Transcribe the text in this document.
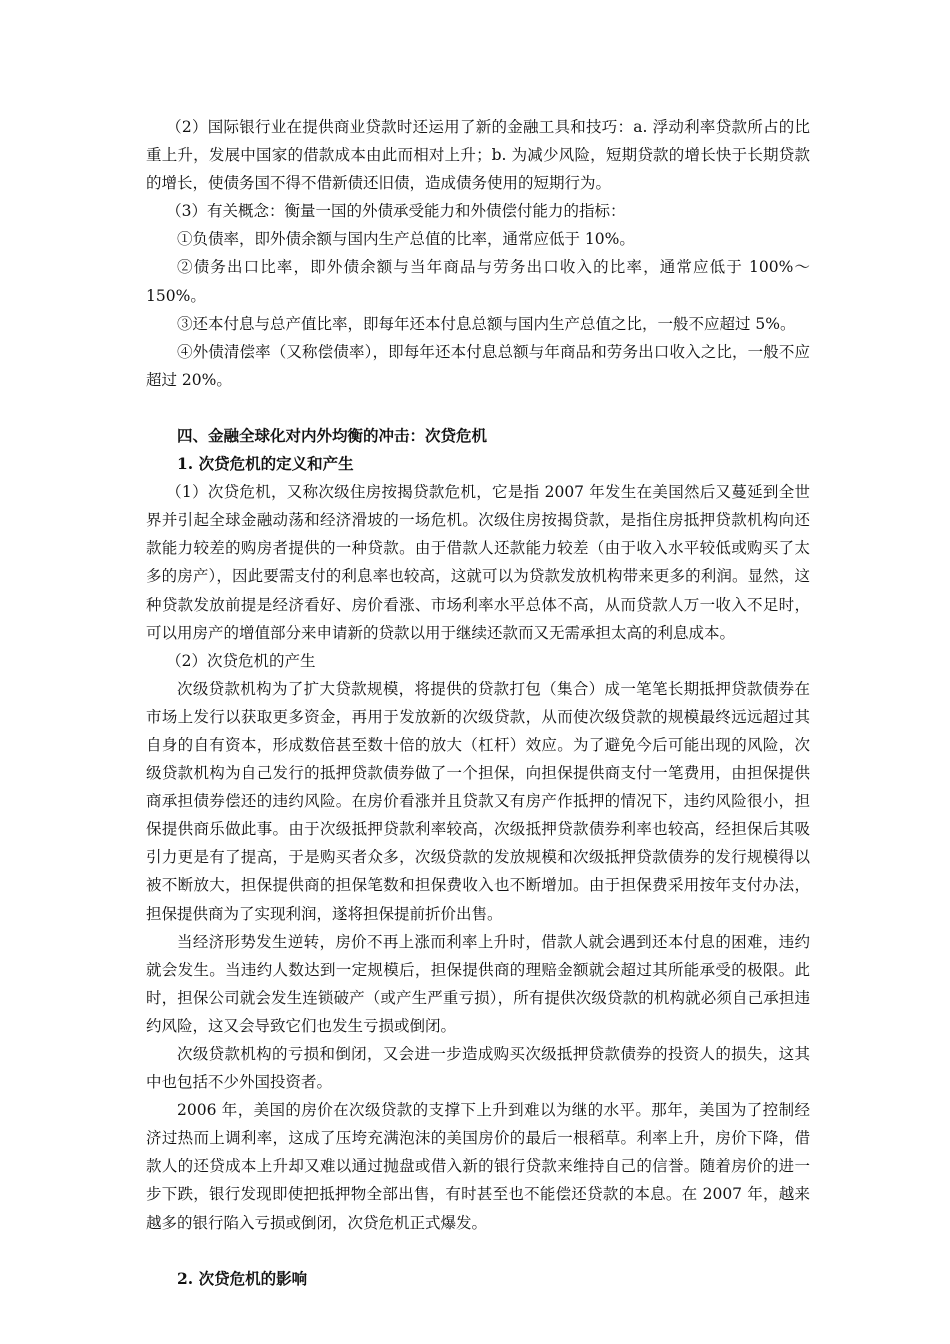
（2）国际银行业在提供商业贷款时还运用了新的金融工具和技巧：a. 浮动利率贷款所占的比重上升，发展中国家的借款成本由此而相对上升；b. 为减少风险，短期贷款的增长快于长期贷款的增长，使债务国不得不借新债还旧债，造成债务使用的短期行为。

（3）有关概念：衡量一国的外债承受能力和外债偿付能力的指标：

①负债率，即外债余额与国内生产总值的比率，通常应低于 10%。

②债务出口比率，即外债余额与当年商品与劳务出口收入的比率，通常应低于 100%～150%。

③还本付息与总产值比率，即每年还本付息总额与国内生产总值之比，一般不应超过 5%。

④外债清偿率（又称偿债率），即每年还本付息总额与年商品和劳务出口收入之比，一般不应超过 20%。

四、金融全球化对内外均衡的冲击：次贷危机

1. 次贷危机的定义和产生

（1）次贷危机，又称次级住房按揭贷款危机，它是指 2007 年发生在美国然后又蔓延到全世界并引起全球金融动荡和经济滑坡的一场危机。次级住房按揭贷款，是指住房抵押贷款机构向还款能力较差的购房者提供的一种贷款。由于借款人还款能力较差（由于收入水平较低或购买了太多的房产），因此要需支付的利息率也较高，这就可以为贷款发放机构带来更多的利润。显然，这种贷款发放前提是经济看好、房价看涨、市场利率水平总体不高，从而贷款人万一收入不足时，可以用房产的增值部分来申请新的贷款以用于继续还款而又无需承担太高的利息成本。

（2）次贷危机的产生

次级贷款机构为了扩大贷款规模，将提供的贷款打包（集合）成一笔笔长期抵押贷款债券在市场上发行以获取更多资金，再用于发放新的次级贷款，从而使次级贷款的规模最终远远超过其自身的自有资本，形成数倍甚至数十倍的放大（杠杆）效应。为了避免今后可能出现的风险，次级贷款机构为自己发行的抵押贷款债券做了一个担保，向担保提供商支付一笔费用，由担保提供商承担债券偿还的违约风险。在房价看涨并且贷款又有房产作抵押的情况下，违约风险很小，担保提供商乐做此事。由于次级抵押贷款利率较高，次级抵押贷款债券利率也较高，经担保后其吸引力更是有了提高，于是购买者众多，次级贷款的发放规模和次级抵押贷款债券的发行规模得以被不断放大，担保提供商的担保笔数和担保费收入也不断增加。由于担保费采用按年支付办法，担保提供商为了实现利润，遂将担保提前折价出售。

当经济形势发生逆转，房价不再上涨而利率上升时，借款人就会遇到还本付息的困难，违约就会发生。当违约人数达到一定规模后，担保提供商的理赔金额就会超过其所能承受的极限。此时，担保公司就会发生连锁破产（或产生严重亏损），所有提供次级贷款的机构就必须自己承担违约风险，这又会导致它们也发生亏损或倒闭。

次级贷款机构的亏损和倒闭，又会进一步造成购买次级抵押贷款债券的投资人的损失，这其中也包括不少外国投资者。

2006 年，美国的房价在次级贷款的支撑下上升到难以为继的水平。那年，美国为了控制经济过热而上调利率，这成了压垮充满泡沫的美国房价的最后一根稻草。利率上升，房价下降，借款人的还贷成本上升却又难以通过抛盘或借入新的银行贷款来维持自己的信誉。随着房价的进一步下跌，银行发现即使把抵押物全部出售，有时甚至也不能偿还贷款的本息。在 2007 年，越来越多的银行陷入亏损或倒闭，次贷危机正式爆发。

2. 次贷危机的影响
